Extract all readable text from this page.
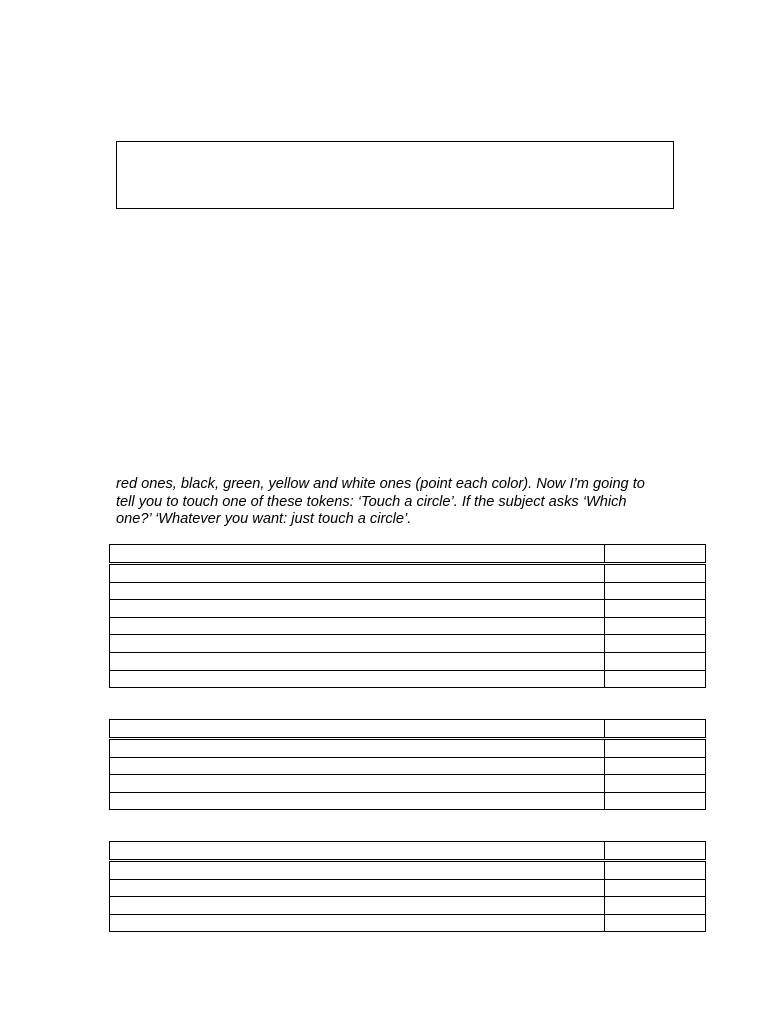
red ones, black, green, yellow and white ones (point each color). Now I’m going to
tell you to touch one of these tokens: ‘Touch a circle’. If the subject asks ‘Which
one?’ ‘Whatever you want: just touch a circle’.
